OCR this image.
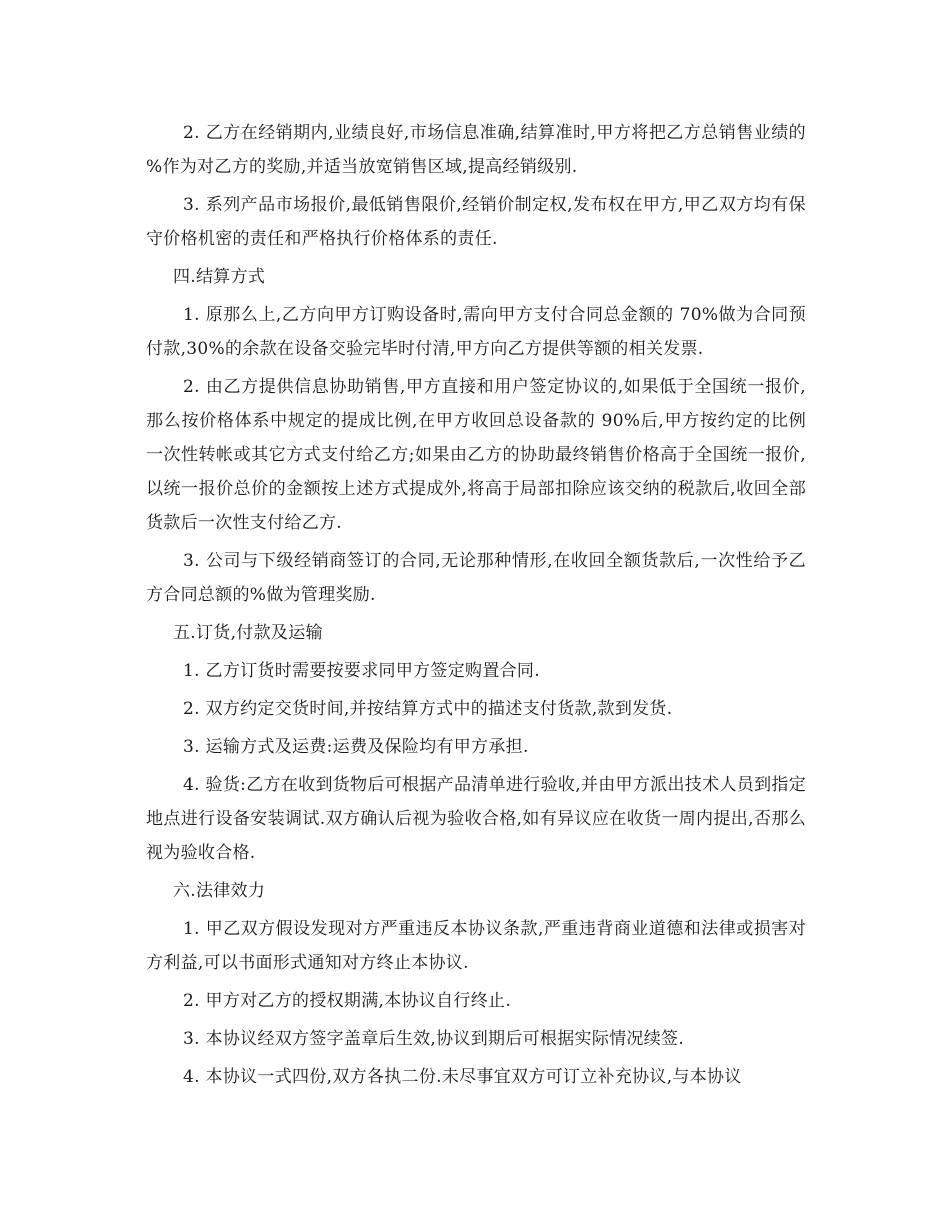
2. 乙方在经销期内,业绩良好,市场信息准确,结算准时,甲方将把乙方总销售业绩的 %作为对乙方的奖励,并适当放宽销售区域,提高经销级别.

3. 系列产品市场报价,最低销售限价,经销价制定权,发布权在甲方,甲乙双方均有保守价格机密的责任和严格执行价格体系的责任.

四.结算方式

1. 原那么上,乙方向甲方订购设备时,需向甲方支付合同总金额的 70%做为合同预付款,30%的余款在设备交验完毕时付清,甲方向乙方提供等额的相关发票.

2. 由乙方提供信息协助销售,甲方直接和用户签定协议的,如果低于全国统一报价,那么按价格体系中规定的提成比例,在甲方收回总设备款的 90%后,甲方按约定的比例一次性转帐或其它方式支付给乙方;如果由乙方的协助最终销售价格高于全国统一报价,以统一报价总价的金额按上述方式提成外,将高于局部扣除应该交纳的税款后,收回全部货款后一次性支付给乙方.

3. 公司与下级经销商签订的合同,无论那种情形,在收回全额货款后,一次性给予乙方合同总额的%做为管理奖励.

五.订货,付款及运输

1. 乙方订货时需要按要求同甲方签定购置合同.

2. 双方约定交货时间,并按结算方式中的描述支付货款,款到发货.

3. 运输方式及运费:运费及保险均有甲方承担.

4. 验货:乙方在收到货物后可根据产品清单进行验收,并由甲方派出技术人员到指定地点进行设备安装调试.双方确认后视为验收合格,如有异议应在收货一周内提出,否那么视为验收合格.

六.法律效力

1. 甲乙双方假设发现对方严重违反本协议条款,严重违背商业道德和法律或损害对方利益,可以书面形式通知对方终止本协议.

2. 甲方对乙方的授权期满,本协议自行终止.

3. 本协议经双方签字盖章后生效,协议到期后可根据实际情况续签.

4. 本协议一式四份,双方各执二份.未尽事宜双方可订立补充协议,与本协议
